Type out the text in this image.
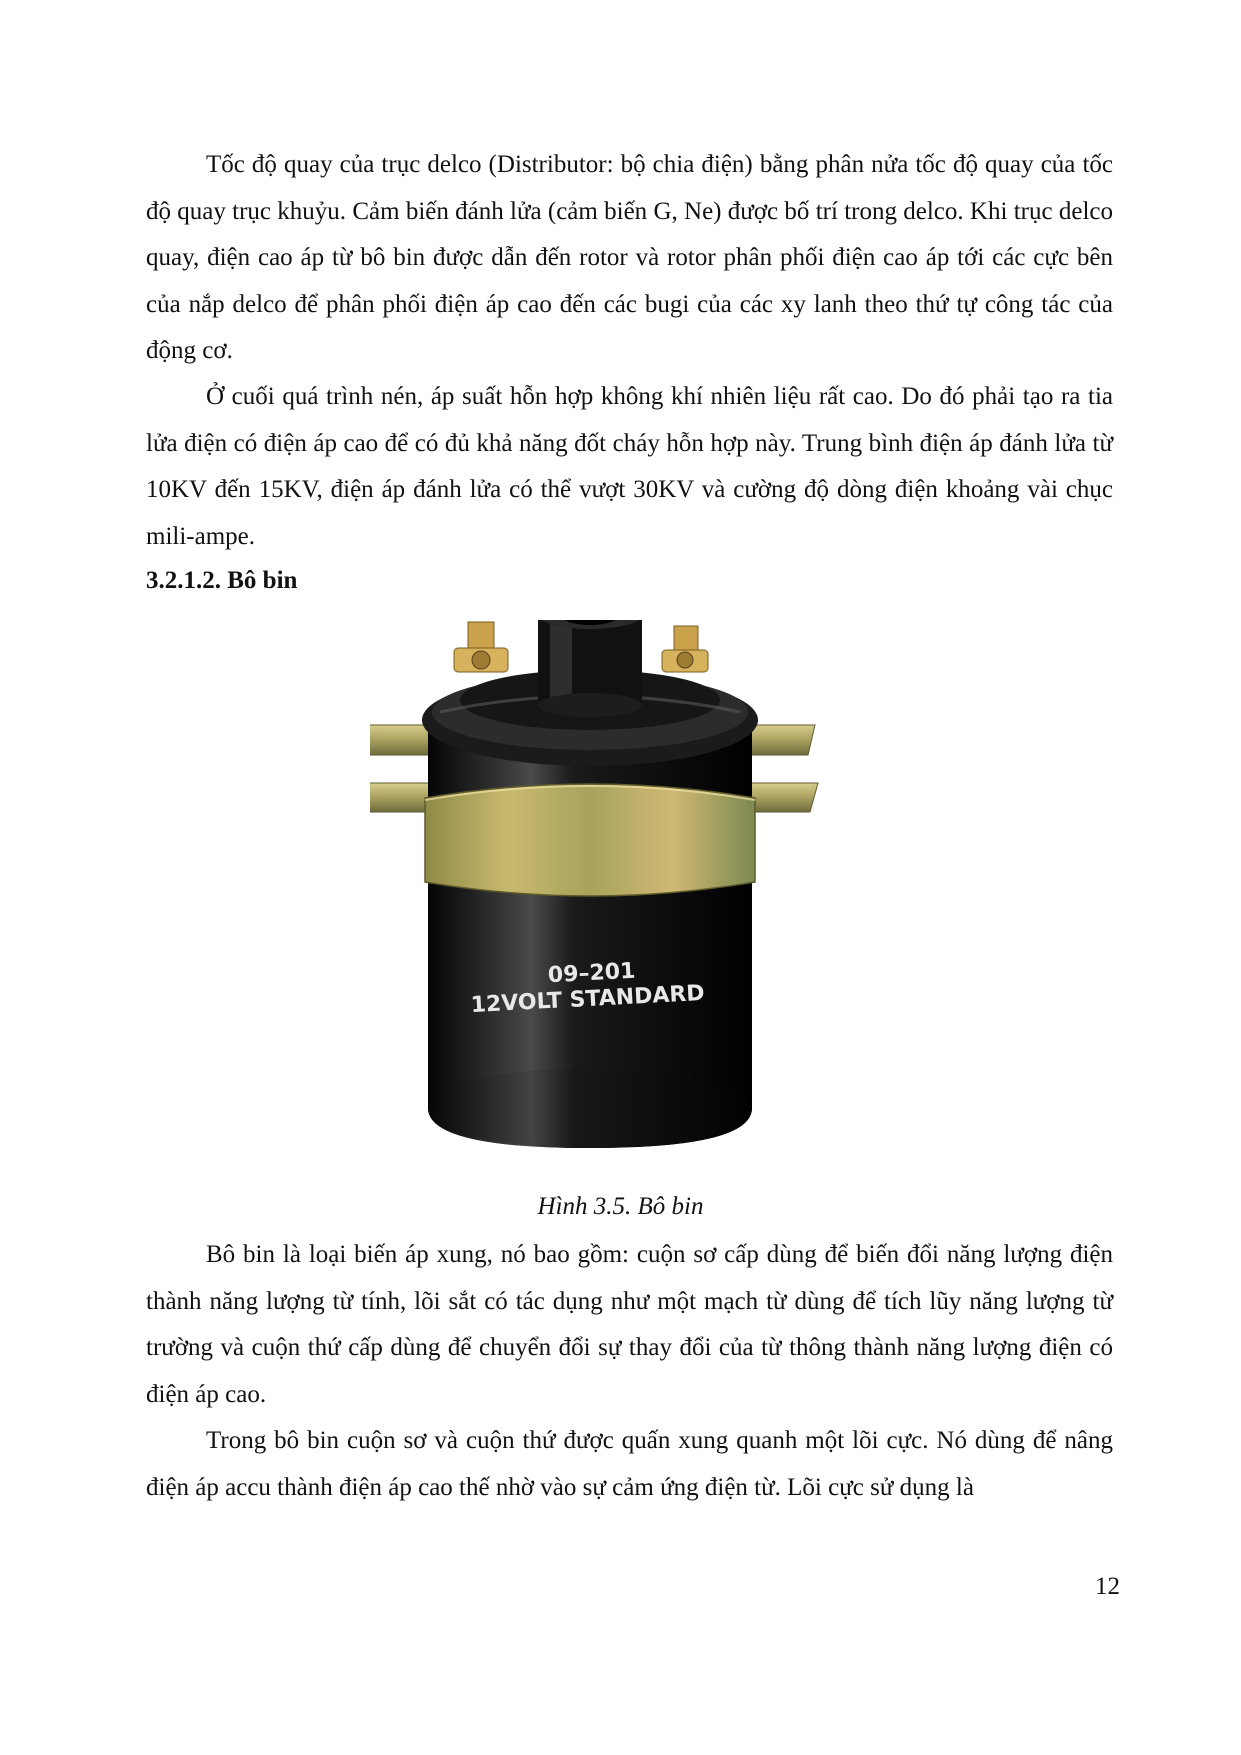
Tốc độ quay của trục delco (Distributor: bộ chia điện) bằng phân nửa tốc độ quay của tốc độ quay trục khuỷu. Cảm biến đánh lửa (cảm biến G, Ne) được bố trí trong delco. Khi trục delco quay, điện cao áp từ bô bin được dẫn đến rotor và rotor phân phối điện cao áp tới các cực bên của nắp delco để phân phối điện áp cao đến các bugi của các xy lanh theo thứ tự công tác của động cơ.

Ở cuối quá trình nén, áp suất hỗn hợp không khí nhiên liệu rất cao. Do đó phải tạo ra tia lửa điện có điện áp cao để có đủ khả năng đốt cháy hỗn hợp này. Trung bình điện áp đánh lửa từ 10KV đến 15KV, điện áp đánh lửa có thể vượt 30KV và cường độ dòng điện khoảng vài chục mili-ampe.

3.2.1.2. Bô bin
09–201
12VOLT STANDARD

Hình 3.5. Bô bin

Bô bin là loại biến áp xung, nó bao gồm: cuộn sơ cấp dùng để biến đổi năng lượng điện thành năng lượng từ tính, lõi sắt có tác dụng như một mạch từ dùng để tích lũy năng lượng từ trường và cuộn thứ cấp dùng để chuyển đổi sự thay đổi của từ thông thành năng lượng điện có điện áp cao.

Trong bô bin cuộn sơ và cuộn thứ được quấn xung quanh một lõi cực. Nó dùng để nâng điện áp accu thành điện áp cao thế nhờ vào sự cảm ứng điện từ. Lõi cực sử dụng là

12
